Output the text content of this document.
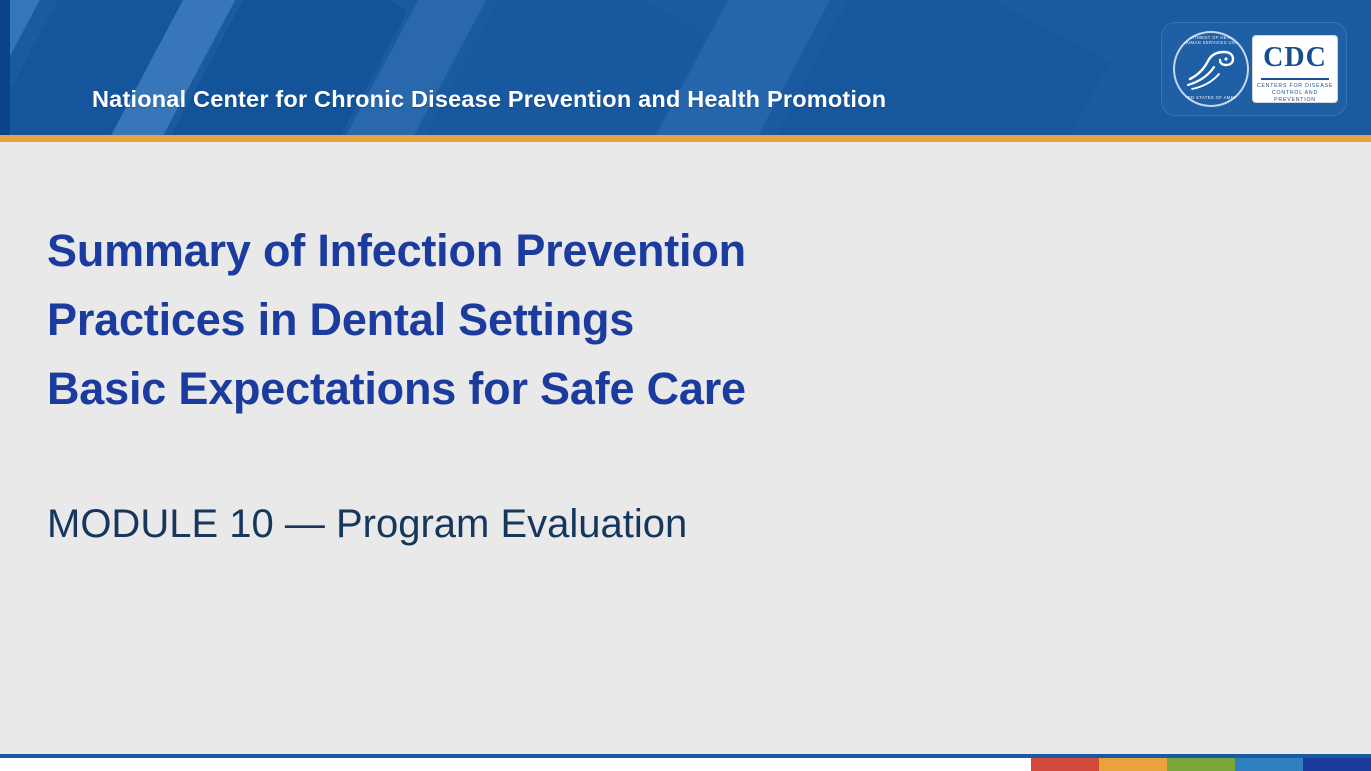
National Center for Chronic Disease Prevention and Health Promotion
DEPARTMENT OF HEALTH & HUMAN SERVICES USA
UNITED STATES OF AMERICA
CDC
CENTERS FOR DISEASE CONTROL AND PREVENTION
Summary of Infection Prevention
Practices in Dental Settings
Basic Expectations for Safe Care
MODULE 10 — Program Evaluation
